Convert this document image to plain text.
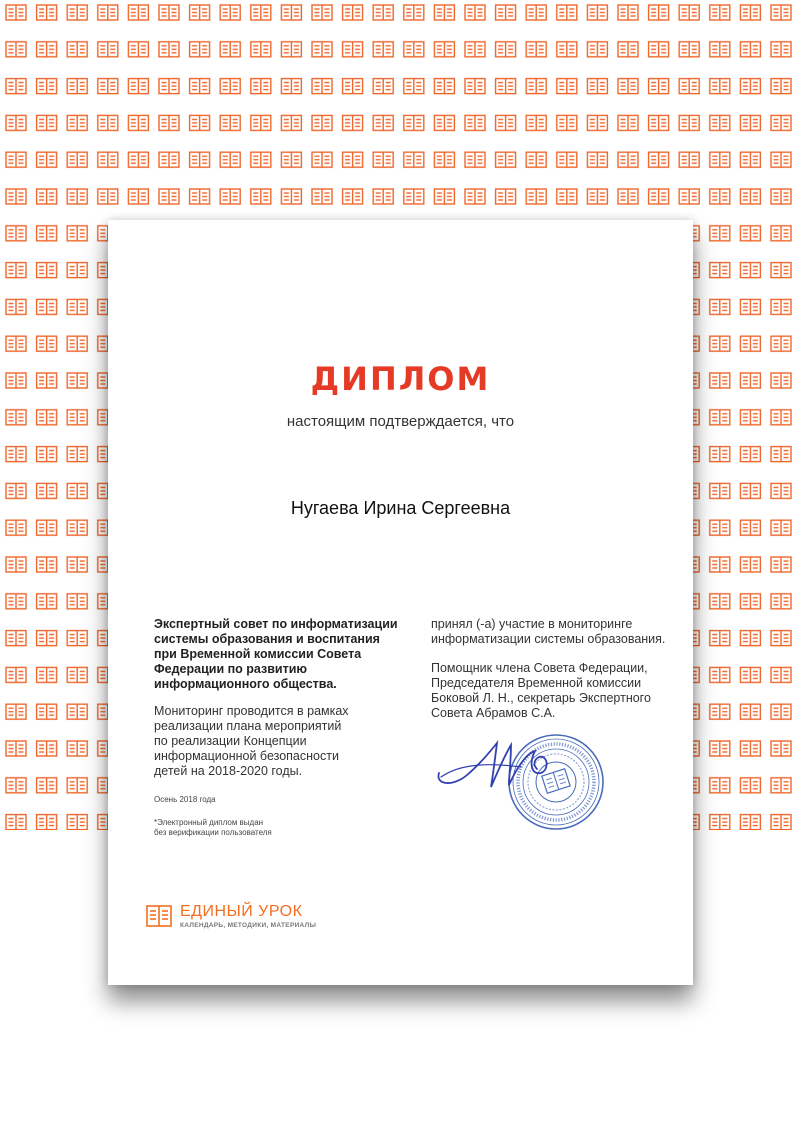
ДИПЛОМ
настоящим подтверждается, что
Нугаева Ирина Сергеевна

Экспертный совет по информатизации
системы образования и воспитания
при Временной комиссии Совета
Федерации по развитию
информационного общества.

Мониторинг проводится в рамках
реализации плана мероприятий
по реализации Концепции
информационной безопасности
детей на 2018-2020 годы.

Осень 2018 года
*Электронный диплом выдан
без верификации пользователя

принял (-а) участие в мониторинге
информатизации системы образования.

Помощник члена Совета Федерации,
Председателя Временной комиссии
Боковой Л. Н., секретарь Экспертного
Совета Абрамов С.А.

ЕДИНЫЙ УРОК
КАЛЕНДАРЬ, МЕТОДИКИ, МАТЕРИАЛЫ
